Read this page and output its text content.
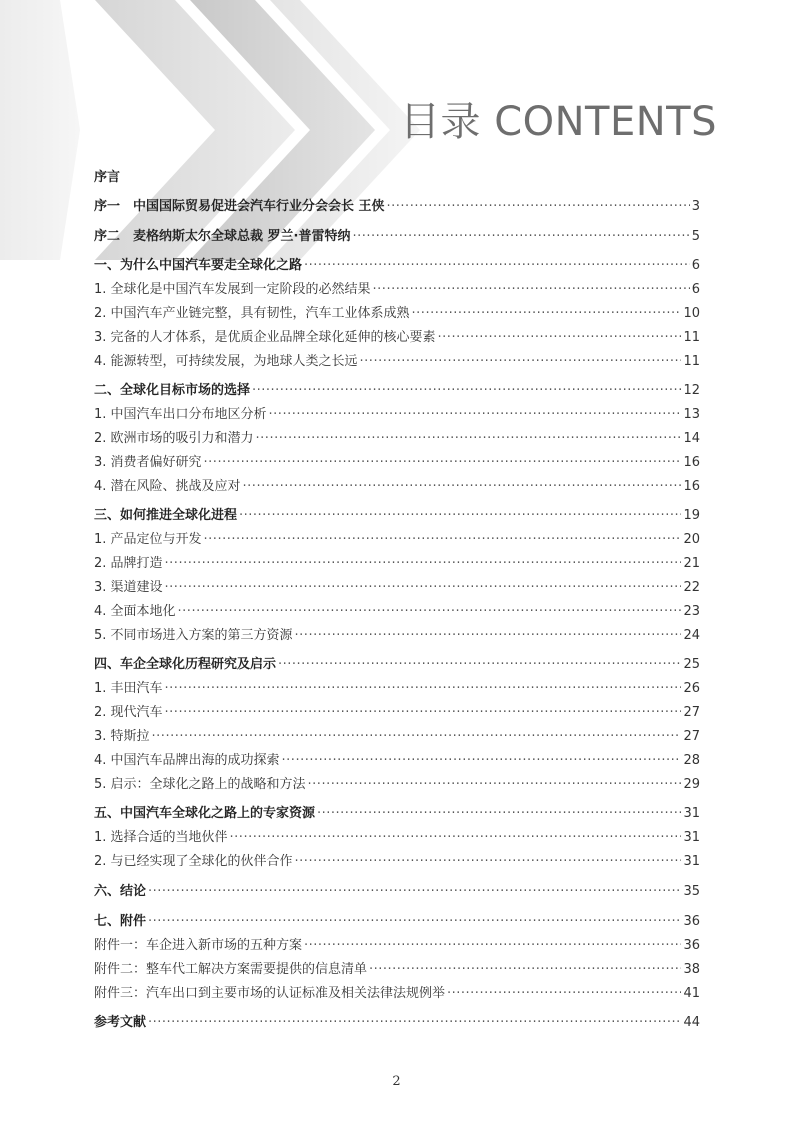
目录 CONTENTS
序言
序一　中国国际贸易促进会汽车行业分会会长 王侠 ·····	3
序二　麦格纳斯太尔全球总裁 罗兰·普雷特纳 ·····	5
一、为什么中国汽车要走全球化之路 ·····	6
1. 全球化是中国汽车发展到一定阶段的必然结果 ·····	6
2. 中国汽车产业链完整，具有韧性，汽车工业体系成熟 ·····	10
3. 完备的人才体系，是优质企业品牌全球化延伸的核心要素 ·····	11
4. 能源转型，可持续发展，为地球人类之长远 ·····	11
二、全球化目标市场的选择 ·····	12
1. 中国汽车出口分布地区分析 ·····	13
2. 欧洲市场的吸引力和潜力 ·····	14
3. 消费者偏好研究 ·····	16
4. 潜在风险、挑战及应对 ·····	16
三、如何推进全球化进程 ·····	19
1. 产品定位与开发 ·····	20
2. 品牌打造 ·····	21
3. 渠道建设 ·····	22
4. 全面本地化 ·····	23
5. 不同市场进入方案的第三方资源 ·····	24
四、车企全球化历程研究及启示 ·····	25
1. 丰田汽车 ·····	26
2. 现代汽车 ·····	27
3. 特斯拉 ·····	27
4. 中国汽车品牌出海的成功探索 ·····	28
5. 启示：全球化之路上的战略和方法 ·····	29
五、中国汽车全球化之路上的专家资源 ·····	31
1. 选择合适的当地伙伴 ·····	31
2. 与已经实现了全球化的伙伴合作 ·····	31
六、结论 ·····	35
七、附件 ·····	36
附件一：车企进入新市场的五种方案 ·····	36
附件二：整车代工解决方案需要提供的信息清单 ·····	38
附件三：汽车出口到主要市场的认证标准及相关法律法规例举 ·····	41
参考文献 ·····	44
2
